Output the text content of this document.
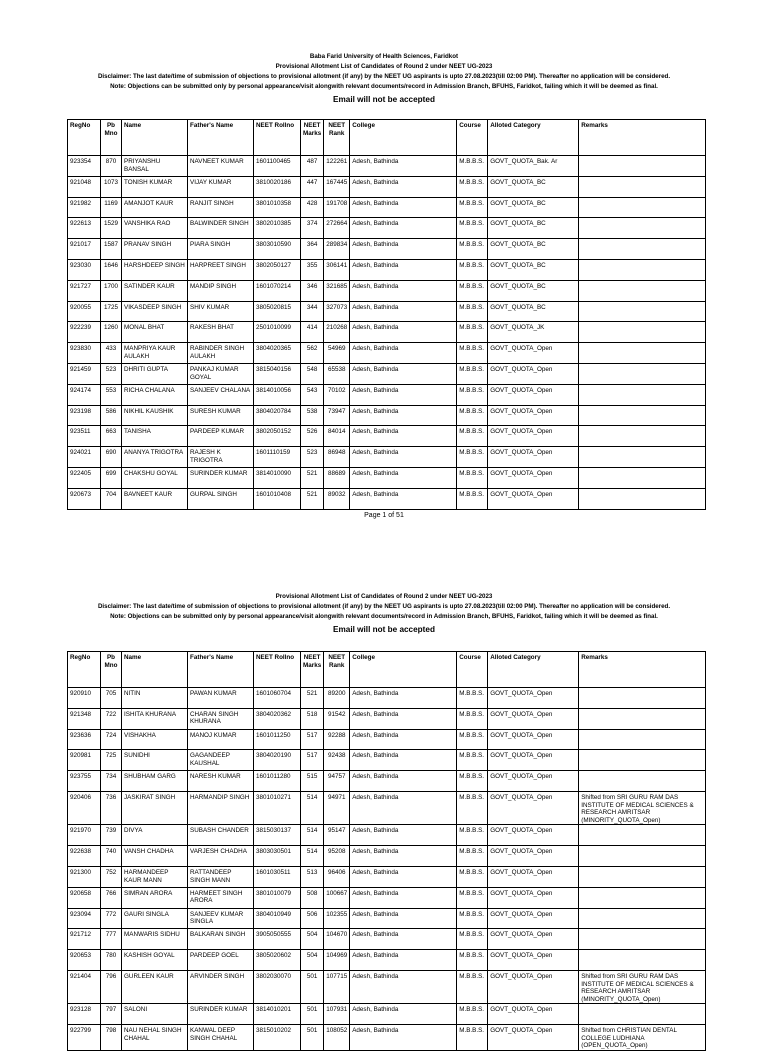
Baba Farid University of Health Sciences, Faridkot
Provisional Allotment List of Candidates of Round 2 under NEET UG-2023
Disclaimer: The last date/time of submission of objections to provisional allotment (if any) by the NEET UG aspirants is upto 27.08.2023(till 02:00 PM). Thereafter no application will be considered.
Note: Objections can be submitted only by personal appearance/visit alongwith relevant documents/record in Admission Branch, BFUHS, Faridkot, failing which it will be deemed as final.
Email will not be accepted
RegNo	Pb Mno	Name	Father's Name	NEET Rollno	NEET Marks	NEET Rank	College	Course	Alloted Category	Remarks
923354	870	PRIYANSHU BANSAL	NAVNEET KUMAR	1601100465	487	122261	Adesh, Bathinda	M.B.B.S.	GOVT_QUOTA_Bak. Ar	
921048	1073	TONISH KUMAR	VIJAY KUMAR	3810020186	447	167445	Adesh, Bathinda	M.B.B.S.	GOVT_QUOTA_BC	
921982	1169	AMANJOT KAUR	RANJIT SINGH	3801010358	428	191708	Adesh, Bathinda	M.B.B.S.	GOVT_QUOTA_BC	
922613	1529	VANSHIKA RAO	BALWINDER SINGH	3802010385	374	272664	Adesh, Bathinda	M.B.B.S.	GOVT_QUOTA_BC	
921017	1587	PRANAV SINGH	PIARA SINGH	3803010590	364	289834	Adesh, Bathinda	M.B.B.S.	GOVT_QUOTA_BC	
923030	1646	HARSHDEEP SINGH	HARPREET SINGH	3802050127	355	306141	Adesh, Bathinda	M.B.B.S.	GOVT_QUOTA_BC	
921727	1700	SATINDER KAUR	MANDIP SINGH	1601070214	346	321685	Adesh, Bathinda	M.B.B.S.	GOVT_QUOTA_BC	
920055	1725	VIKASDEEP SINGH	SHIV KUMAR	3805020815	344	327073	Adesh, Bathinda	M.B.B.S.	GOVT_QUOTA_BC	
922239	1260	MONAL BHAT	RAKESH BHAT	2501010099	414	210268	Adesh, Bathinda	M.B.B.S.	GOVT_QUOTA_JK	
923830	433	MANPRIYA KAUR AULAKH	RABINDER SINGH AULAKH	3804020365	562	54969	Adesh, Bathinda	M.B.B.S.	GOVT_QUOTA_Open	
921459	523	DHRITI GUPTA	PANKAJ KUMAR GOYAL	3815040156	548	65538	Adesh, Bathinda	M.B.B.S.	GOVT_QUOTA_Open	
924174	553	RICHA CHALANA	SANJEEV CHALANA	3814010056	543	70102	Adesh, Bathinda	M.B.B.S.	GOVT_QUOTA_Open	
923198	586	NIKHIL KAUSHIK	SURESH KUMAR	3804020784	538	73947	Adesh, Bathinda	M.B.B.S.	GOVT_QUOTA_Open	
923511	663	TANISHA	PARDEEP KUMAR	3802050152	526	84014	Adesh, Bathinda	M.B.B.S.	GOVT_QUOTA_Open	
924021	690	ANANYA TRIGOTRA	RAJESH K TRIGOTRA	1601110159	523	86948	Adesh, Bathinda	M.B.B.S.	GOVT_QUOTA_Open	
922405	699	CHAKSHU GOYAL	SURINDER KUMAR	3814010090	521	88689	Adesh, Bathinda	M.B.B.S.	GOVT_QUOTA_Open	
920673	704	BAVNEET KAUR	GURPAL SINGH	1601010408	521	89032	Adesh, Bathinda	M.B.B.S.	GOVT_QUOTA_Open	
Page 1 of 51
Provisional Allotment List of Candidates of Round 2 under NEET UG-2023
Disclaimer: The last date/time of submission of objections to provisional allotment (if any) by the NEET UG aspirants is upto 27.08.2023(till 02:00 PM). Thereafter no application will be considered.
Note: Objections can be submitted only by personal appearance/visit alongwith relevant documents/record in Admission Branch, BFUHS, Faridkot, failing which it will be deemed as final.
Email will not be accepted
RegNo	Pb Mno	Name	Father's Name	NEET Rollno	NEET Marks	NEET Rank	College	Course	Alloted Category	Remarks
920910	705	NITIN	PAWAN KUMAR	1601060704	521	89200	Adesh, Bathinda	M.B.B.S.	GOVT_QUOTA_Open	
921348	722	ISHITA KHURANA	CHARAN SINGH KHURANA	3804020362	518	91542	Adesh, Bathinda	M.B.B.S.	GOVT_QUOTA_Open	
923636	724	VISHAKHA	MANOJ KUMAR	1601011250	517	92288	Adesh, Bathinda	M.B.B.S.	GOVT_QUOTA_Open	
920981	725	SUNIDHI	GAGANDEEP KAUSHAL	3804020190	517	92438	Adesh, Bathinda	M.B.B.S.	GOVT_QUOTA_Open	
923755	734	SHUBHAM GARG	NARESH KUMAR	1601011280	515	94757	Adesh, Bathinda	M.B.B.S.	GOVT_QUOTA_Open	
920406	736	JASKIRAT SINGH	HARMANDIP SINGH	3801010271	514	94971	Adesh, Bathinda	M.B.B.S.	GOVT_QUOTA_Open	Shifted from SRI GURU RAM DAS INSTITUTE OF MEDICAL SCIENCES & RESEARCH AMRITSAR (MINORITY_QUOTA_Open)
921970	739	DIVYA	SUBASH CHANDER	3815030137	514	95147	Adesh, Bathinda	M.B.B.S.	GOVT_QUOTA_Open	
922638	740	VANSH CHADHA	VARJESH CHADHA	3803030501	514	95208	Adesh, Bathinda	M.B.B.S.	GOVT_QUOTA_Open	
921300	752	HARMANDEEP KAUR MANN	RATTANDEEP SINGH MANN	1601030511	513	96406	Adesh, Bathinda	M.B.B.S.	GOVT_QUOTA_Open	
920658	766	SIMRAN ARORA	HARMEET SINGH ARORA	3801010079	508	100667	Adesh, Bathinda	M.B.B.S.	GOVT_QUOTA_Open	
923094	772	GAURI SINGLA	SANJEEV KUMAR SINGLA	3804010949	506	102355	Adesh, Bathinda	M.B.B.S.	GOVT_QUOTA_Open	
921712	777	MANWARIS SIDHU	BALKARAN SINGH	3905050555	504	104670	Adesh, Bathinda	M.B.B.S.	GOVT_QUOTA_Open	
920653	780	KASHISH GOYAL	PARDEEP GOEL	3805020602	504	104969	Adesh, Bathinda	M.B.B.S.	GOVT_QUOTA_Open	
921404	796	GURLEEN KAUR	ARVINDER SINGH	3802030070	501	107715	Adesh, Bathinda	M.B.B.S.	GOVT_QUOTA_Open	Shifted from SRI GURU RAM DAS INSTITUTE OF MEDICAL SCIENCES & RESEARCH AMRITSAR (MINORITY_QUOTA_Open)
923128	797	SALONI	SURINDER KUMAR	3814010201	501	107931	Adesh, Bathinda	M.B.B.S.	GOVT_QUOTA_Open	
922799	798	NAU NEHAL SINGH CHAHAL	KANWAL DEEP SINGH CHAHAL	3815010202	501	108052	Adesh, Bathinda	M.B.B.S.	GOVT_QUOTA_Open	Shifted from CHRISTIAN DENTAL COLLEGE LUDHIANA (OPEN_QUOTA_Open)
